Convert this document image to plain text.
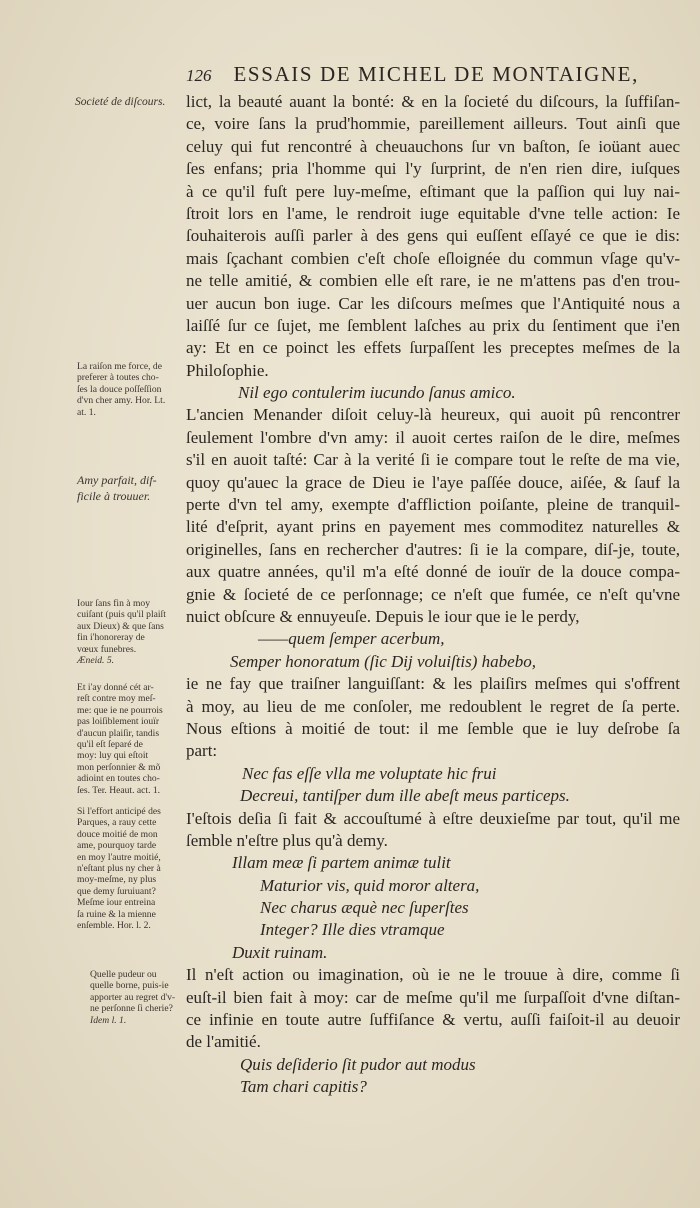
126 ESSAIS DE MICHEL DE MONTAIGNE,
Societé de diſcours.
La raiſon me force, de
preferer à toutes cho-
ſes la douce poſſeſſion
d'vn cher amy. Hor. Lt.
at. 1.
Amy parfait, dif-
ficile à trouuer.
Iour ſans fin à moy
cuiſant (puis qu'il plaiſt
aux Dieux) & que ſans
fin i'honoreray de
vœux funebres.
Æneid. 5.
Et i'ay donné cét ar-
reſt contre moy meſ-
me: que ie ne pourrois
pas loiſiblement iouïr
d'aucun plaiſir, tandis
qu'il eſt ſeparé de
moy: luy qui eſtoit
mon perſonnier & mõ
adioint en toutes cho-
ſes. Ter. Heaut. act. 1.
Si l'effort anticipé des
Parques, a rauy cette
douce moitié de mon
ame, pourquoy tarde
en moy l'autre moitié,
n'eſtant plus ny cher à
moy-meſme, ny plus
que demy ſuruiuant?
Meſme iour entreina
ſa ruine & la mienne
enſemble. Hor. l. 2.
Quelle pudeur ou
quelle borne, puis-ie
apporter au regret d'v-
ne perſonne ſi cherie?
Idem l. 1.
lict, la beauté auant la bonté: & en la ſocieté du diſcours, la ſuffiſan-
ce, voire ſans la prud'hommie, pareillement ailleurs. Tout ainſi que
celuy qui fut rencontré à cheuauchons ſur vn baſton, ſe ioüant auec
ſes enfans; pria l'homme qui l'y ſurprint, de n'en rien dire, iuſques
à ce qu'il fuſt pere luy-meſme, eſtimant que la paſſion qui luy nai-
ſtroit lors en l'ame, le rendroit iuge equitable d'vne telle action: Ie
ſouhaiterois auſſi parler à des gens qui euſſent eſſayé ce que ie dis:
mais ſçachant combien c'eſt choſe eſloignée du commun vſage qu'v-
ne telle amitié, & combien elle eſt rare, ie ne m'attens pas d'en trou-
uer aucun bon iuge. Car les diſcours meſmes que l'Antiquité nous a
laiſſé ſur ce ſujet, me ſemblent laſches au prix du ſentiment que i'en
ay: Et en ce poinct les effets ſurpaſſent les preceptes meſmes de la
Philoſophie.
Nil ego contulerim iucundo ſanus amico.
L'ancien Menander diſoit celuy-là heureux, qui auoit pû rencontrer
ſeulement l'ombre d'vn amy: il auoit certes raiſon de le dire, meſmes
s'il en auoit taſté: Car à la verité ſi ie compare tout le reſte de ma vie,
quoy qu'auec la grace de Dieu ie l'aye paſſée douce, aiſée, & ſauf la
perte d'vn tel amy, exempte d'affliction poiſante, pleine de tranquil-
lité d'eſprit, ayant prins en payement mes commoditez naturelles &
originelles, ſans en rechercher d'autres: ſi ie la compare, diſ-je, toute,
aux quatre années, qu'il m'a eſté donné de iouïr de la douce compa-
gnie & ſocieté de ce perſonnage; ce n'eſt que fumée, ce n'eſt qu'vne
nuict obſcure & ennuyeuſe. Depuis le iour que ie le perdy,
——quem ſemper acerbum,
Semper honoratum (ſic Dij voluiſtis) habebo,
ie ne fay que traiſner languiſſant: & les plaiſirs meſmes qui s'offrent
à moy, au lieu de me conſoler, me redoublent le regret de ſa perte.
Nous eſtions à moitié de tout: il me ſemble que ie luy deſrobe ſa
part:
Nec fas eſſe vlla me voluptate hic frui
Decreui, tantiſper dum ille abeſt meus particeps.
I'eſtois deſia ſi fait & accouſtumé à eſtre deuxieſme par tout, qu'il me
ſemble n'eſtre plus qu'à demy.
Illam meæ ſi partem animæ tulit
Maturior vis, quid moror altera,
Nec charus æquè nec ſuperſtes
Integer? Ille dies vtramque
Duxit ruinam.
Il n'eſt action ou imagination, où ie ne le trouue à dire, comme ſi
euſt-il bien fait à moy: car de meſme qu'il me ſurpaſſoit d'vne diſtan-
ce infinie en toute autre ſuffiſance & vertu, auſſi faiſoit-il au deuoir
de l'amitié.
Quis deſiderio ſit pudor aut modus
Tam chari capitis?
